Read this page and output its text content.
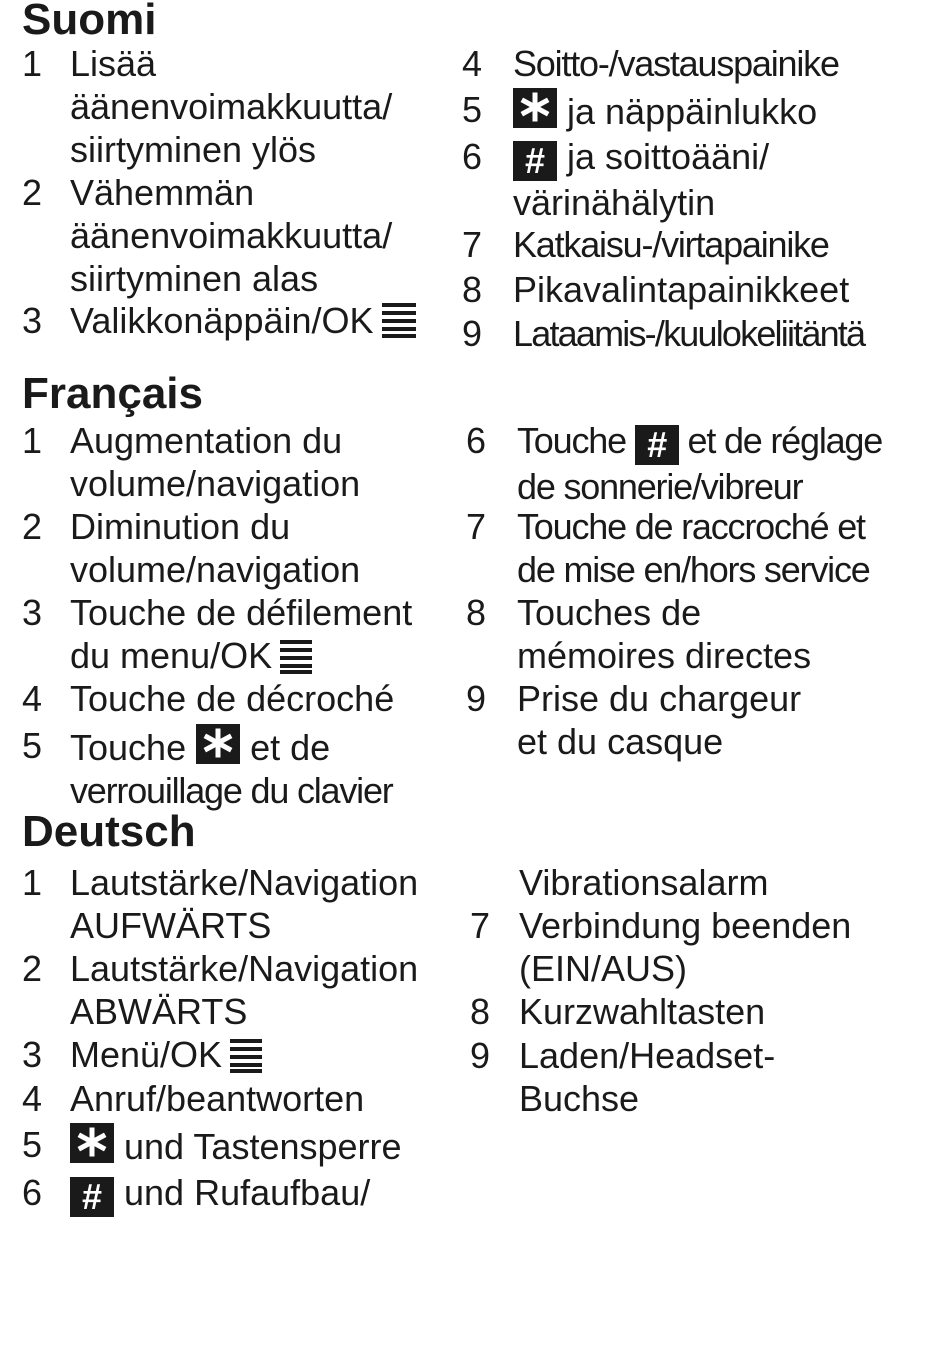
Suomi
1 Lisää
äänenvoimakkuutta/
siirtyminen ylös
2 Vähemmän
äänenvoimakkuutta/
siirtyminen alas
3 Valikkonäppäin/OK
4 Soitto-/vastauspainike
5	ja näppäinlukko
6	# ja soittoääni/
värinähälytin
7 Katkaisu-/virtapainike
8 Pikavalintapainikkeet
9 Lataamis-/kuulokeliitäntä
Français
1 Augmentation du
volume/navigation
2 Diminution du
volume/navigation
3 Touche de défilement
du menu/OK
4 Touche de décroché
5 Touche et de
verrouillage du clavier
6 Touche # et de réglage
de sonnerie/vibreur
7 Touche de raccroché et
de mise en/hors service
8 Touches de
mémoires directes
9 Prise du chargeur
et du casque
Deutsch
1 Lautstärke/Navigation
AUFWÄRTS
2 Lautstärke/Navigation
ABWÄRTS
3 Menü/OK
4 Anruf/beantworten
5	und Tastensperre
6	# und Rufaufbau/
Vibrationsalarm
7 Verbindung beenden
(EIN/AUS)
8 Kurzwahltasten
9 Laden/Headset-
Buchse
